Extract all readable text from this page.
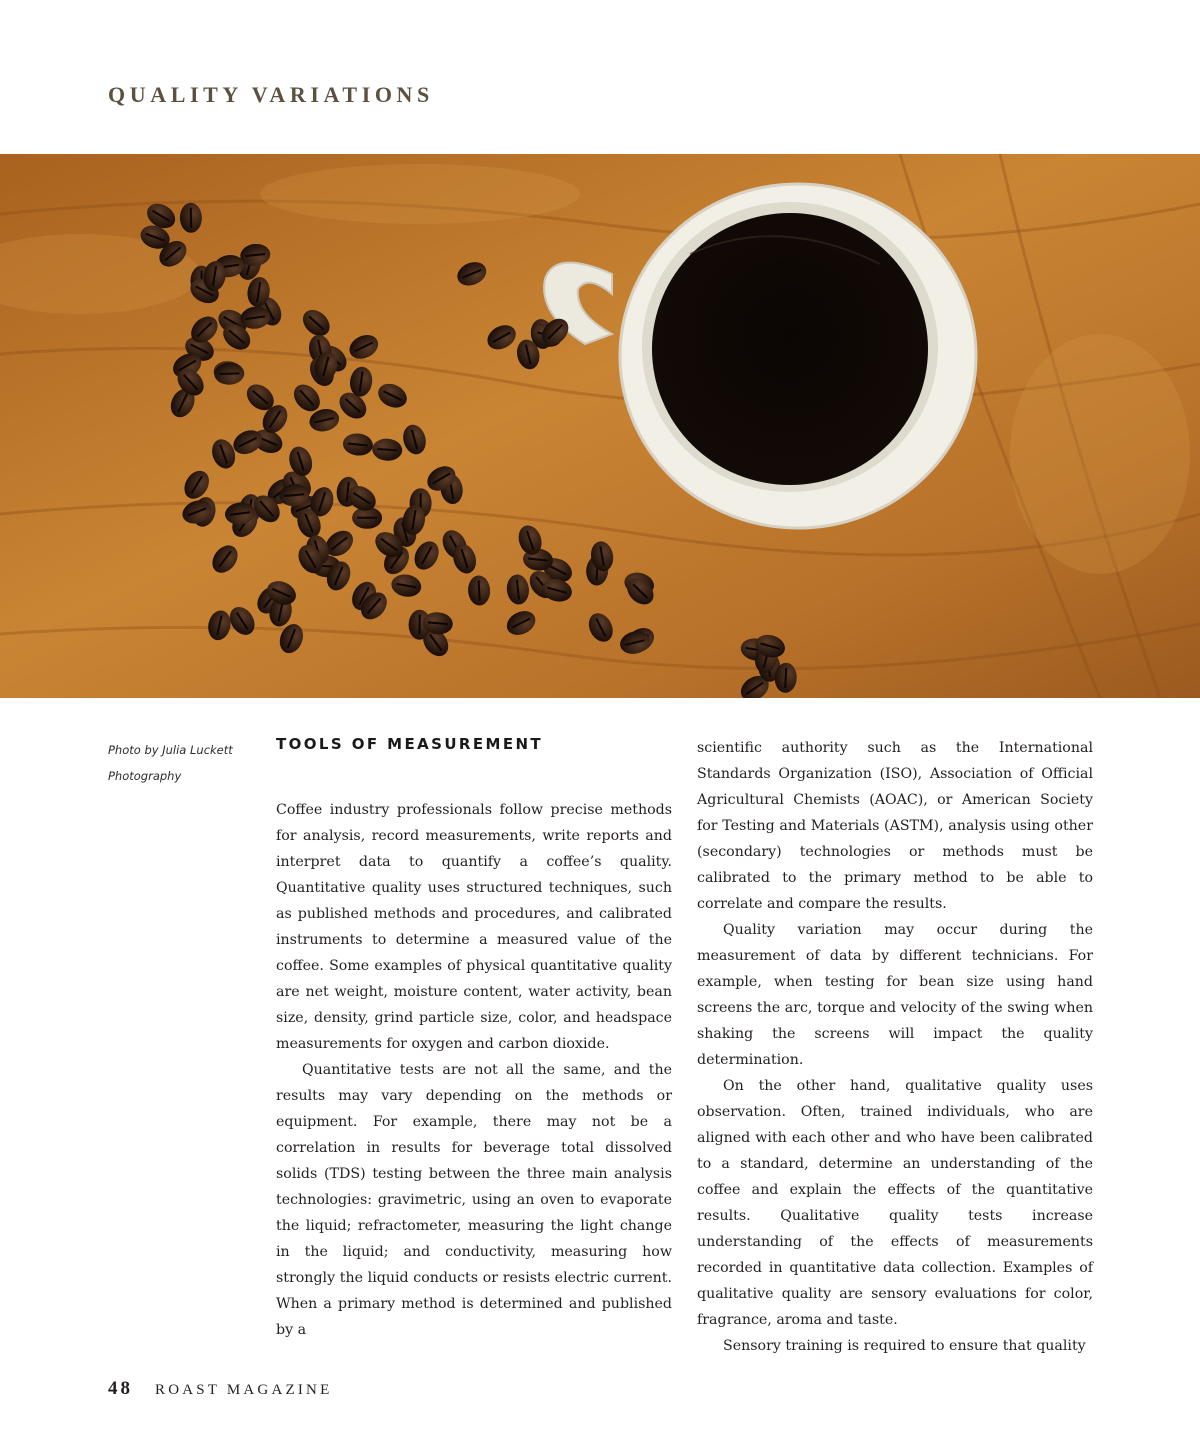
QUALITY VARIATIONS
Photo by Julia Luckett
Photography
TOOLS OF MEASUREMENT

Coffee industry professionals follow precise methods for analysis, record measurements, write reports and interpret data to quantify a coffee’s quality. Quantitative quality uses structured techniques, such as published methods and procedures, and calibrated instruments to determine a measured value of the coffee. Some examples of physical quantitative quality are net weight, moisture content, water activity, bean size, density, grind particle size, color, and headspace measurements for oxygen and carbon dioxide.

Quantitative tests are not all the same, and the results may vary depending on the methods or equipment. For example, there may not be a correlation in results for beverage total dissolved solids (TDS) testing between the three main analysis technologies: gravimetric, using an oven to evaporate the liquid; refractometer, measuring the light change in the liquid; and conductivity, measuring how strongly the liquid conducts or resists electric current. When a primary method is determined and published by a

scientific authority such as the International Standards Organization (ISO), Association of Official Agricultural Chemists (AOAC), or American Society for Testing and Materials (ASTM), analysis using other (secondary) technologies or methods must be calibrated to the primary method to be able to correlate and compare the results.

Quality variation may occur during the measurement of data by different technicians. For example, when testing for bean size using hand screens the arc, torque and velocity of the swing when shaking the screens will impact the quality determination.

On the other hand, qualitative quality uses observation. Often, trained individuals, who are aligned with each other and who have been calibrated to a standard, determine an understanding of the coffee and explain the effects of the quantitative results. Qualitative quality tests increase understanding of the effects of measurements recorded in quantitative data collection. Examples of qualitative quality are sensory evaluations for color, fragrance, aroma and taste.

Sensory training is required to ensure that quality

48 ROAST MAGAZINE
